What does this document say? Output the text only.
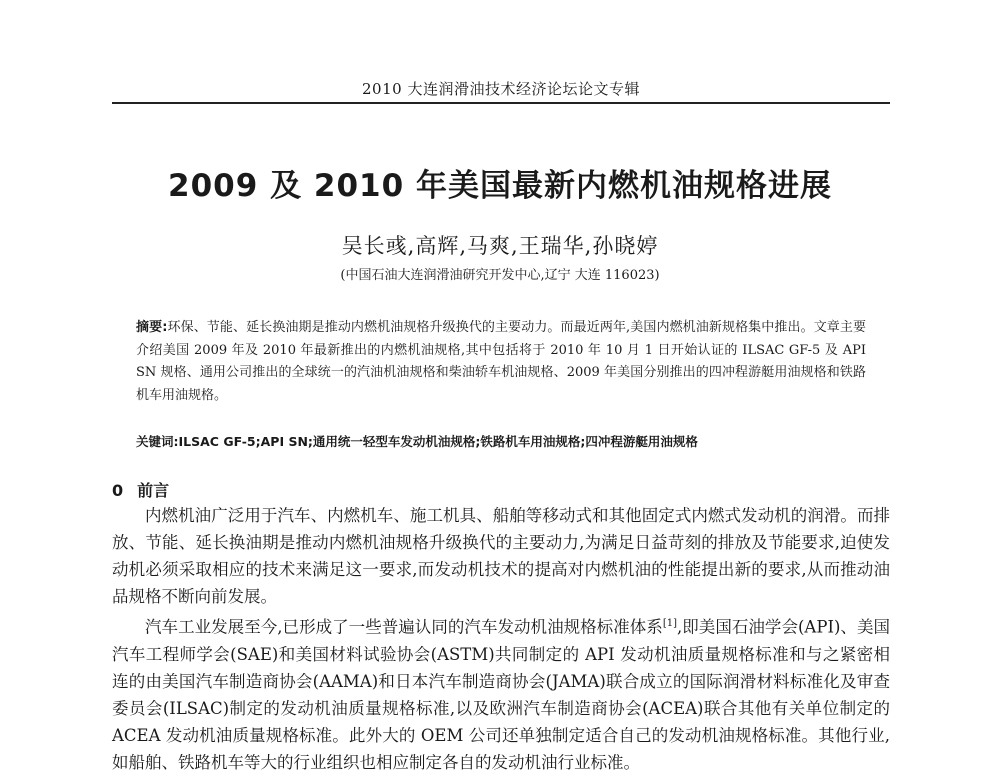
2010 大连润滑油技术经济论坛论文专辑
2009 及 2010 年美国最新内燃机油规格进展
吴长彧,高辉,马爽,王瑞华,孙晓婷
(中国石油大连润滑油研究开发中心,辽宁 大连 116023)
摘要:环保、节能、延长换油期是推动内燃机油规格升级换代的主要动力。而最近两年,美国内燃机油新规格集中推出。文章主要介绍美国 2009 年及 2010 年最新推出的内燃机油规格,其中包括将于 2010 年 10 月 1 日开始认证的 ILSAC GF-5 及 API SN 规格、通用公司推出的全球统一的汽油机油规格和柴油轿车机油规格、2009 年美国分别推出的四冲程游艇用油规格和铁路机车用油规格。
关键词:ILSAC GF-5;API SN;通用统一轻型车发动机油规格;铁路机车用油规格;四冲程游艇用油规格
0 前言

内燃机油广泛用于汽车、内燃机车、施工机具、船舶等移动式和其他固定式内燃式发动机的润滑。而排放、节能、延长换油期是推动内燃机油规格升级换代的主要动力,为满足日益苛刻的排放及节能要求,迫使发动机必须采取相应的技术来满足这一要求,而发动机技术的提高对内燃机油的性能提出新的要求,从而推动油品规格不断向前发展。

汽车工业发展至今,已形成了一些普遍认同的汽车发动机油规格标准体系[1],即美国石油学会(API)、美国汽车工程师学会(SAE)和美国材料试验协会(ASTM)共同制定的 API 发动机油质量规格标准和与之紧密相连的由美国汽车制造商协会(AAMA)和日本汽车制造商协会(JAMA)联合成立的国际润滑材料标准化及审查委员会(ILSAC)制定的发动机油质量规格标准,以及欧洲汽车制造商协会(ACEA)联合其他有关单位制定的 ACEA 发动机油质量规格标准。此外大的 OEM 公司还单独制定适合自己的发动机油规格标准。其他行业,如船舶、铁路机车等大的行业组织也相应制定各自的发动机油行业标准。
